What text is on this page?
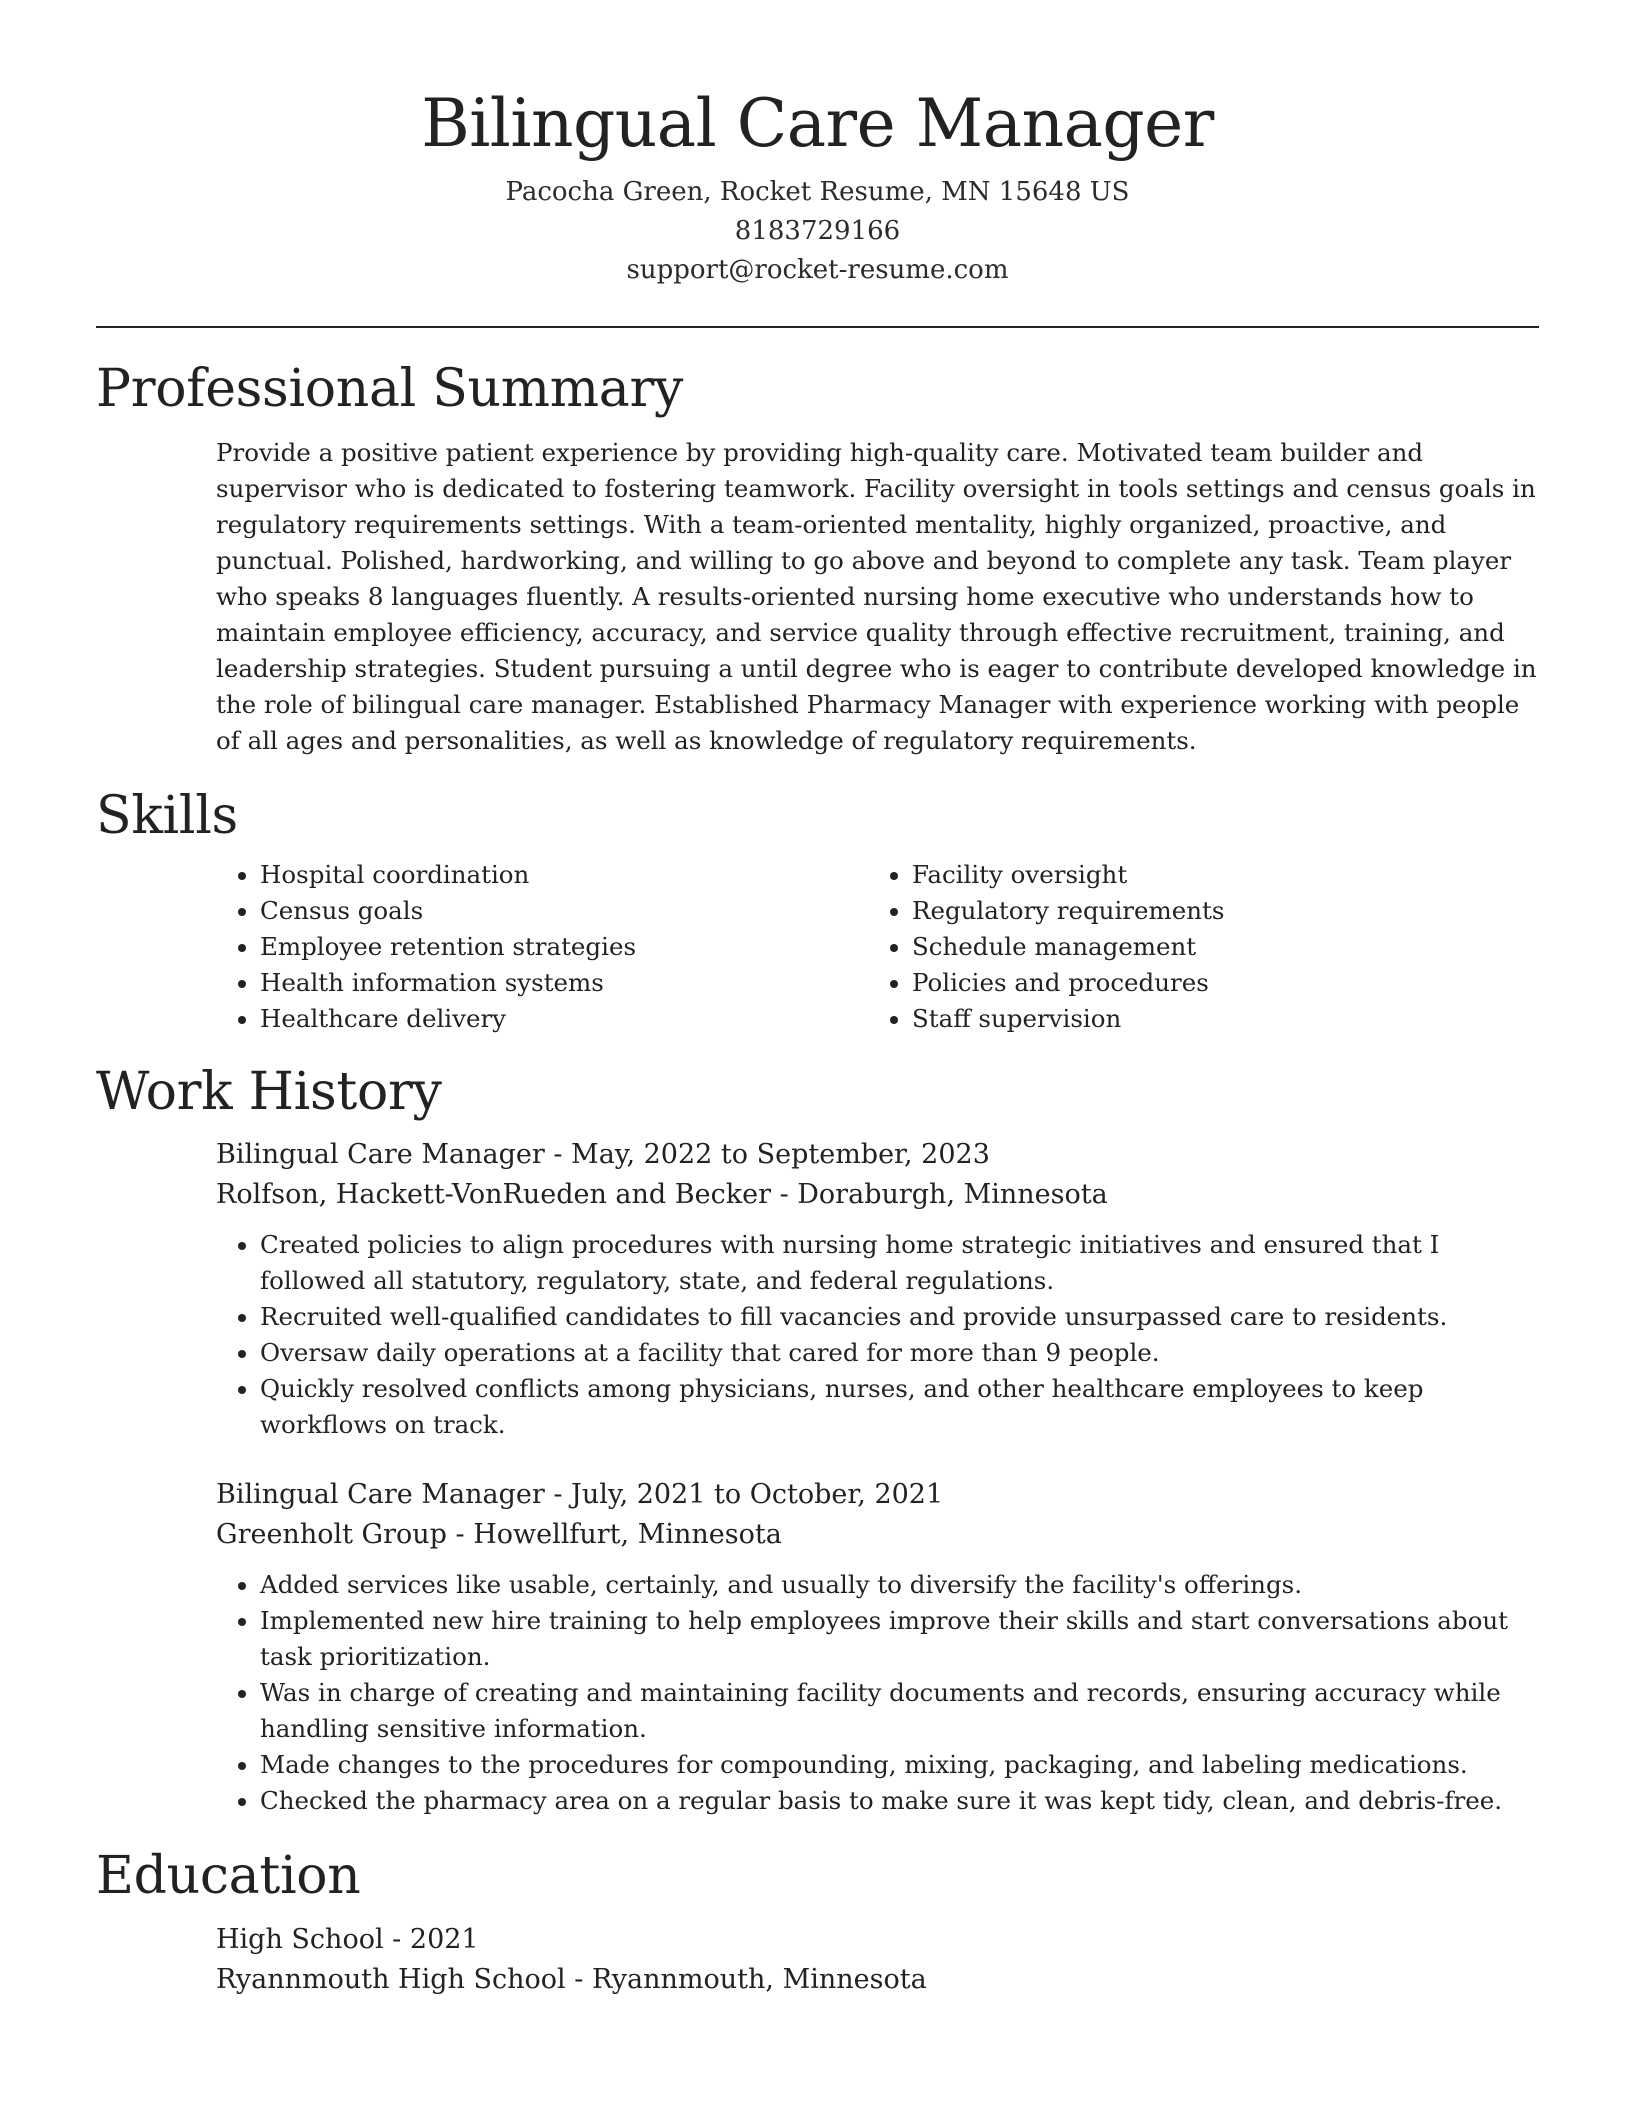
Bilingual Care Manager
Pacocha Green, Rocket Resume, MN 15648 US
8183729166
support@rocket-resume.com
Professional Summary

Provide a positive patient experience by providing high-quality care. Motivated team builder and supervisor who is dedicated to fostering teamwork. Facility oversight in tools settings and census goals in regulatory requirements settings. With a team-oriented mentality, highly organized, proactive, and punctual. Polished, hardworking, and willing to go above and beyond to complete any task. Team player who speaks 8 languages fluently. A results-oriented nursing home executive who understands how to maintain employee efficiency, accuracy, and service quality through effective recruitment, training, and leadership strategies. Student pursuing a until degree who is eager to contribute developed knowledge in the role of bilingual care manager. Established Pharmacy Manager with experience working with people of all ages and personalities, as well as knowledge of regulatory requirements.

Skills
• Hospital coordination
• Census goals
• Employee retention strategies
• Health information systems
• Healthcare delivery
• Facility oversight
• Regulatory requirements
• Schedule management
• Policies and procedures
• Staff supervision
Work History
Bilingual Care Manager - May, 2022 to September, 2023
Rolfson, Hackett-VonRueden and Becker - Doraburgh, Minnesota
• Created policies to align procedures with nursing home strategic initiatives and ensured that I followed all statutory, regulatory, state, and federal regulations.
• Recruited well-qualified candidates to fill vacancies and provide unsurpassed care to residents.
• Oversaw daily operations at a facility that cared for more than 9 people.
• Quickly resolved conflicts among physicians, nurses, and other healthcare employees to keep workflows on track.
Bilingual Care Manager - July, 2021 to October, 2021
Greenholt Group - Howellfurt, Minnesota
• Added services like usable, certainly, and usually to diversify the facility's offerings.
• Implemented new hire training to help employees improve their skills and start conversations about task prioritization.
• Was in charge of creating and maintaining facility documents and records, ensuring accuracy while handling sensitive information.
• Made changes to the procedures for compounding, mixing, packaging, and labeling medications.
• Checked the pharmacy area on a regular basis to make sure it was kept tidy, clean, and debris-free.
Education
High School - 2021
Ryannmouth High School - Ryannmouth, Minnesota
